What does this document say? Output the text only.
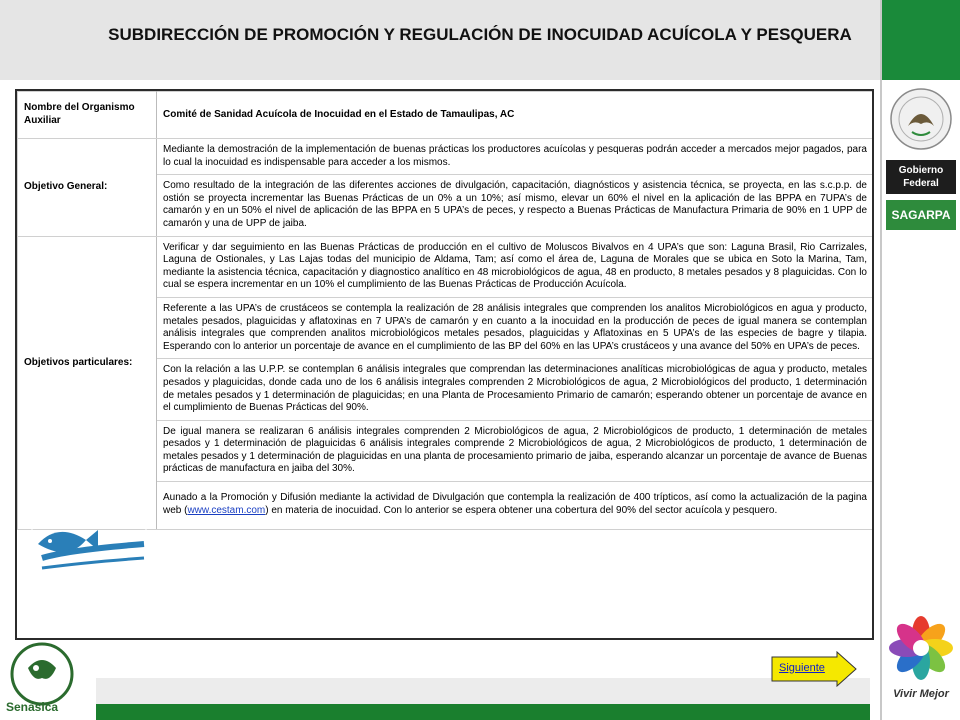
SUBDIRECCIÓN DE PROMOCIÓN Y REGULACIÓN DE INOCUIDAD ACUÍCOLA Y PESQUERA
Gobierno
Federal
SAGARPA
Vivir Mejor
Nombre del Organismo Auxiliar	Comité de Sanidad Acuícola de Inocuidad en el Estado de Tamaulipas, AC
Objetivo General:	Mediante la demostración de la implementación de buenas prácticas los productores acuícolas y pesqueras podrán acceder a mercados mejor pagados, para lo cual la inocuidad es indispensable para acceder a los mismos.
	Como resultado de la integración de las diferentes acciones de divulgación, capacitación, diagnósticos y asistencia técnica, se proyecta, en las s.c.p.p. de ostión se proyecta incrementar las Buenas Prácticas de un 0% a un 10%; así mismo, elevar un 60% el nivel en la aplicación de las BPPA en 7UPA’s de camarón y en un 50% el nivel de aplicación de las BPPA en 5 UPA’s de peces, y respecto a Buenas Prácticas de Manufactura Primaria de 90% en 1 UPP de camarón y una de UPP de jaiba.
Objetivos particulares:	Verificar y dar seguimiento en las Buenas Prácticas de producción en el cultivo de Moluscos Bivalvos en 4 UPA’s que son: Laguna Brasil, Rio Carrizales, Laguna de Ostionales, y Las Lajas todas del municipio de Aldama, Tam; así como el área de, Laguna de Morales que se ubica en Soto la Marina, Tam, mediante la asistencia técnica, capacitación y diagnostico analítico en 48 microbiológicos de agua, 48 en producto, 8 metales pesados y 8 plaguicidas. Con lo cual se espera incrementar en un 10% el cumplimiento de las Buenas Prácticas de Producción Acuícola.
	Referente a las UPA’s de crustáceos se contempla la realización de 28 análisis integrales que comprenden los analitos Microbiológicos en agua y producto, metales pesados, plaguicidas y aflatoxinas en 7 UPA’s de camarón y en cuanto a la inocuidad en la producción de peces de igual manera se contemplan análisis integrales que comprenden analitos microbiológicos metales pesados, plaguicidas y Aflatoxinas en 5 UPA’s de las especies de bagre y tilapia. Esperando con lo anterior un porcentaje de avance en el cumplimiento de las BP del 60% en las UPA’s crustáceos y una avance del 50% en UPA’s de peces.
	Con la relación a las U.P.P. se contemplan 6 análisis integrales que comprendan las determinaciones analíticas microbiológicas de agua y producto, metales pesados y plaguicidas, donde cada uno de los 6 análisis integrales comprenden 2 Microbiológicos de agua, 2 Microbiológicos del producto, 1 determinación de metales pesados y 1 determinación de plaguicidas; en una Planta de Procesamiento Primario de camarón; esperando obtener un porcentaje de avance en el cumplimiento de Buenas Prácticas del 90%.
	De igual manera se realizaran 6 análisis integrales comprenden 2 Microbiológicos de agua, 2 Microbiológicos de producto, 1 determinación de metales pesados y 1 determinación de plaguicidas 6 análisis integrales comprende 2 Microbiológicos de agua, 2 Microbiológicos de producto, 1 determinación de metales pesados y 1 determinación de plaguicidas en una planta de procesamiento primario de jaiba, esperando alcanzar un porcentaje de avance de Buenas prácticas de manufactura en jaiba del 30%.
	Aunado a la Promoción y Difusión mediante la actividad de Divulgación que contempla la realización de 400 trípticos, así como la actualización de la pagina web (www.cestam.com) en materia de inocuidad. Con lo anterior se espera obtener una cobertura del 90% del sector acuícola y pesquero.
Senasica
Siguiente
